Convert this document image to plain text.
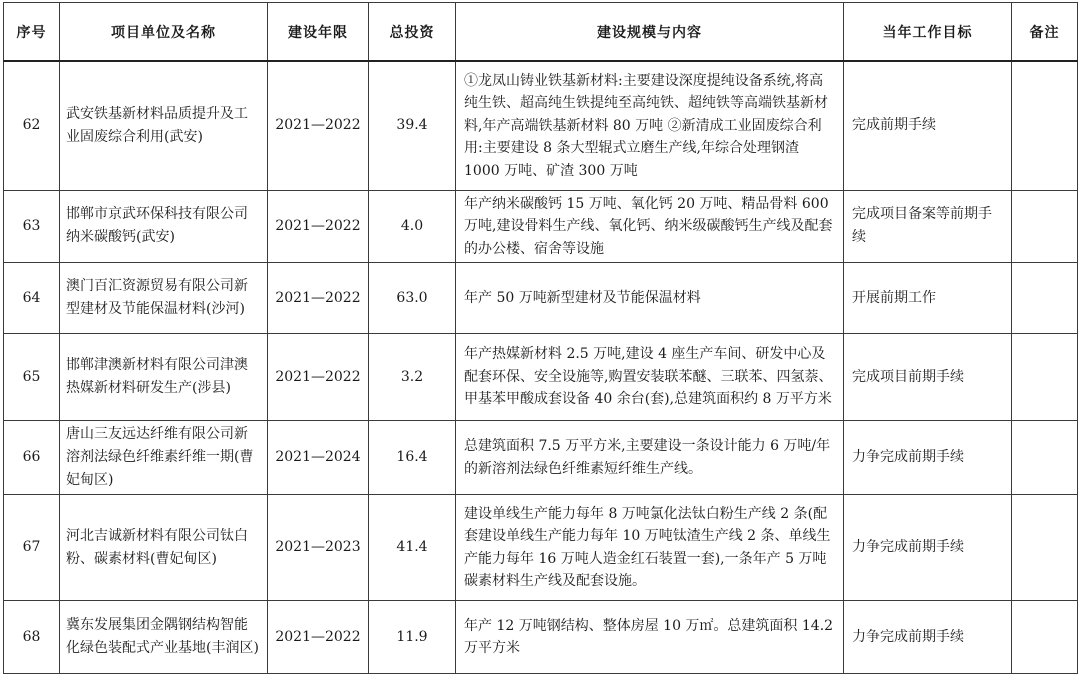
序号	项目单位及名称	建设年限	总投资	建设规模与内容	当年工作目标	备注
62	武安铁基新材料品质提升及工业固废综合利用(武安)	2021—2022	39.4	①龙凤山铸业铁基新材料:主要建设深度提纯设备系统,将高纯生铁、超高纯生铁提纯至高纯铁、超纯铁等高端铁基新材料,年产高端铁基新材料 80 万吨 ②新清成工业固废综合利用:主要建设 8 条大型辊式立磨生产线,年综合处理钢渣 1000 万吨、矿渣 300 万吨	完成前期手续	
63	邯郸市京武环保科技有限公司纳米碳酸钙(武安)	2021—2022	4.0	年产纳米碳酸钙 15 万吨、氧化钙 20 万吨、精品骨料 600 万吨,建设骨料生产线、氧化钙、纳米级碳酸钙生产线及配套的办公楼、宿舍等设施	完成项目备案等前期手续	
64	澳门百汇资源贸易有限公司新型建材及节能保温材料(沙河)	2021—2022	63.0	年产 50 万吨新型建材及节能保温材料	开展前期工作	
65	邯郸津澳新材料有限公司津澳热媒新材料研发生产(涉县)	2021—2022	3.2	年产热媒新材料 2.5 万吨,建设 4 座生产车间、研发中心及配套环保、安全设施等,购置安装联苯醚、三联苯、四氢萘、甲基苯甲酸成套设备 40 余台(套),总建筑面积约 8 万平方米	完成项目前期手续	
66	唐山三友远达纤维有限公司新溶剂法绿色纤维素纤维一期(曹妃甸区)	2021—2024	16.4	总建筑面积 7.5 万平方米,主要建设一条设计能力 6 万吨/年的新溶剂法绿色纤维素短纤维生产线。	力争完成前期手续	
67	河北吉诚新材料有限公司钛白粉、碳素材料(曹妃甸区)	2021—2023	41.4	建设单线生产能力每年 8 万吨氯化法钛白粉生产线 2 条(配套建设单线生产能力每年 10 万吨钛渣生产线 2 条、单线生产能力每年 16 万吨人造金红石装置一套),一条年产 5 万吨碳素材料生产线及配套设施。	力争完成前期手续	
68	冀东发展集团金隅钢结构智能化绿色装配式产业基地(丰润区)	2021—2022	11.9	年产 12 万吨钢结构、整体房屋 10 万㎡。总建筑面积 14.2 万平方米	力争完成前期手续	
